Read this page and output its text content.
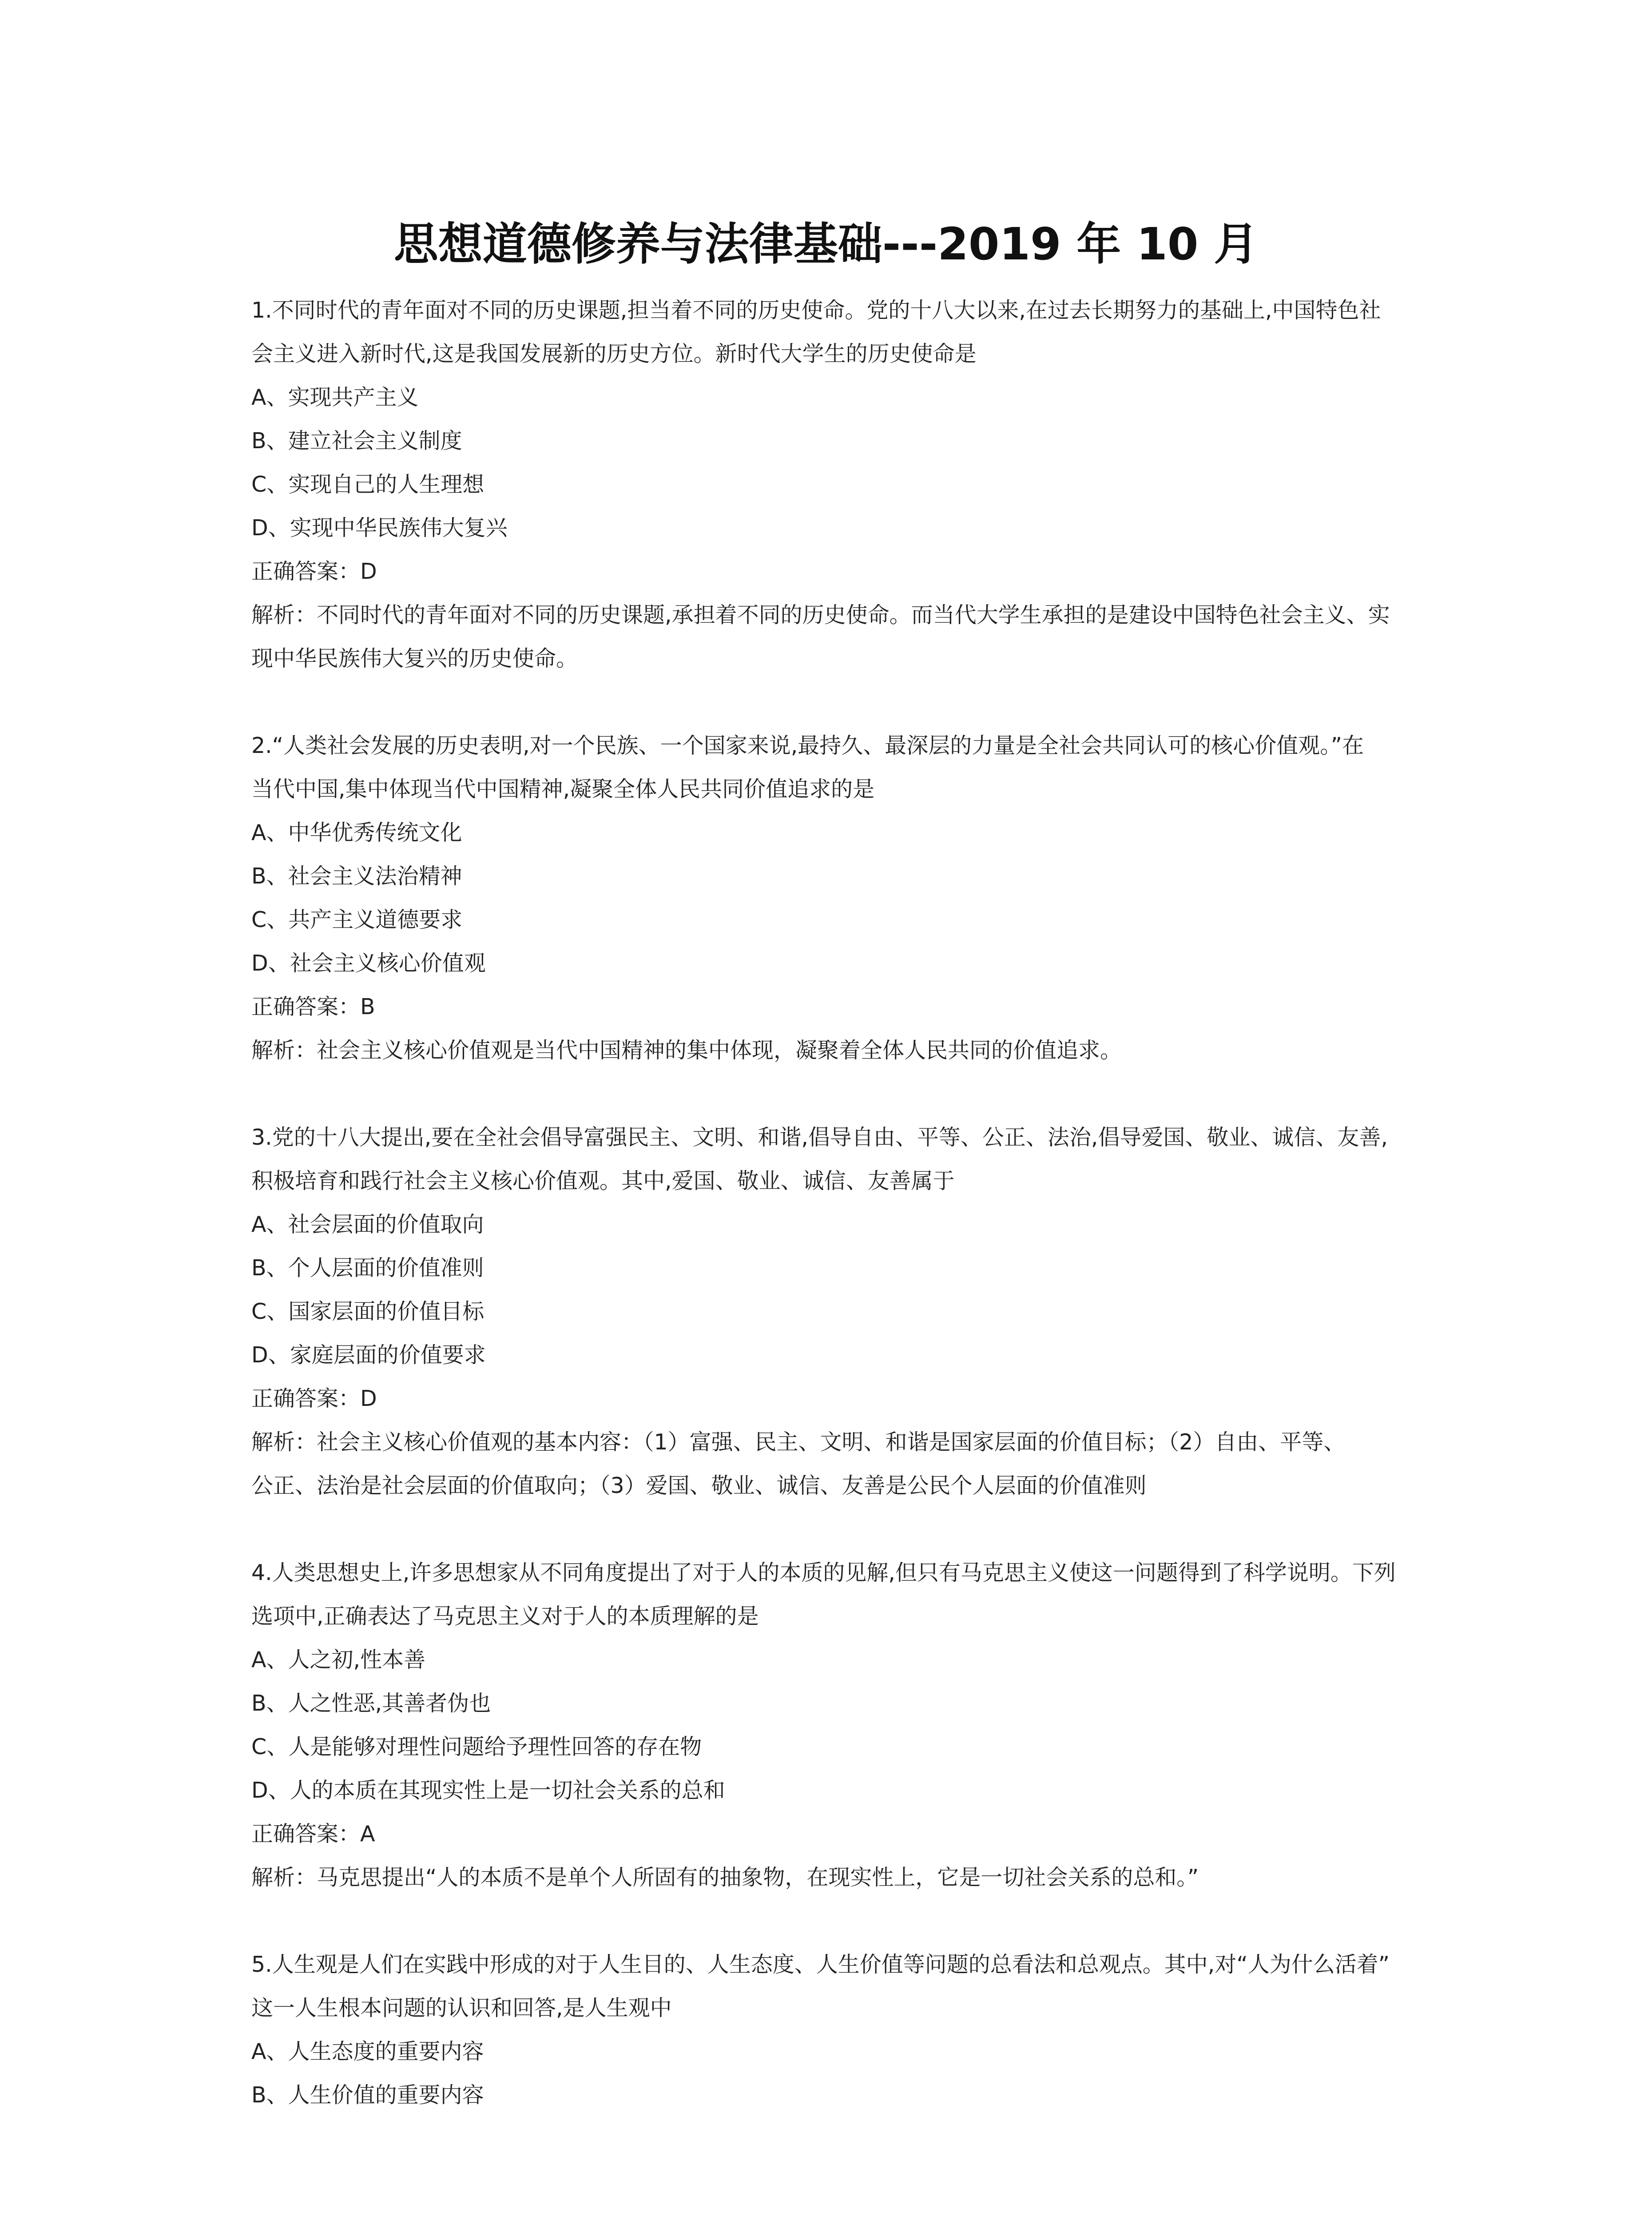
思想道德修养与法律基础---2019 年 10 月
1.不同时代的青年面对不同的历史课题,担当着不同的历史使命。党的十八大以来,在过去长期努力的基础上,中国特色社
会主义进入新时代,这是我国发展新的历史方位。新时代大学生的历史使命是
A、实现共产主义
B、建立社会主义制度
C、实现自己的人生理想
D、实现中华民族伟大复兴
正确答案：D
解析：不同时代的青年面对不同的历史课题,承担着不同的历史使命。而当代大学生承担的是建设中国特色社会主义、实
现中华民族伟大复兴的历史使命。
2.“人类社会发展的历史表明,对一个民族、一个国家来说,最持久、最深层的力量是全社会共同认可的核心价值观。”在
当代中国,集中体现当代中国精神,凝聚全体人民共同价值追求的是
A、中华优秀传统文化
B、社会主义法治精神
C、共产主义道德要求
D、社会主义核心价值观
正确答案：B
解析：社会主义核心价值观是当代中国精神的集中体现，凝聚着全体人民共同的价值追求。
3.党的十八大提出,要在全社会倡导富强民主、文明、和谐,倡导自由、平等、公正、法治,倡导爱国、敬业、诚信、友善,
积极培育和践行社会主义核心价值观。其中,爱国、敬业、诚信、友善属于
A、社会层面的价值取向
B、个人层面的价值准则
C、国家层面的价值目标
D、家庭层面的价值要求
正确答案：D
解析：社会主义核心价值观的基本内容：（1）富强、民主、文明、和谐是国家层面的价值目标；（2）自由、平等、
公正、法治是社会层面的价值取向；（3）爱国、敬业、诚信、友善是公民个人层面的价值准则
4.人类思想史上,许多思想家从不同角度提出了对于人的本质的见解,但只有马克思主义使这一问题得到了科学说明。下列
选项中,正确表达了马克思主义对于人的本质理解的是
A、人之初,性本善
B、人之性恶,其善者伪也
C、人是能够对理性问题给予理性回答的存在物
D、人的本质在其现实性上是一切社会关系的总和
正确答案：A
解析：马克思提出“人的本质不是单个人所固有的抽象物，在现实性上，它是一切社会关系的总和。”
5.人生观是人们在实践中形成的对于人生目的、人生态度、人生价值等问题的总看法和总观点。其中,对“人为什么活着”
这一人生根本问题的认识和回答,是人生观中
A、人生态度的重要内容
B、人生价值的重要内容
